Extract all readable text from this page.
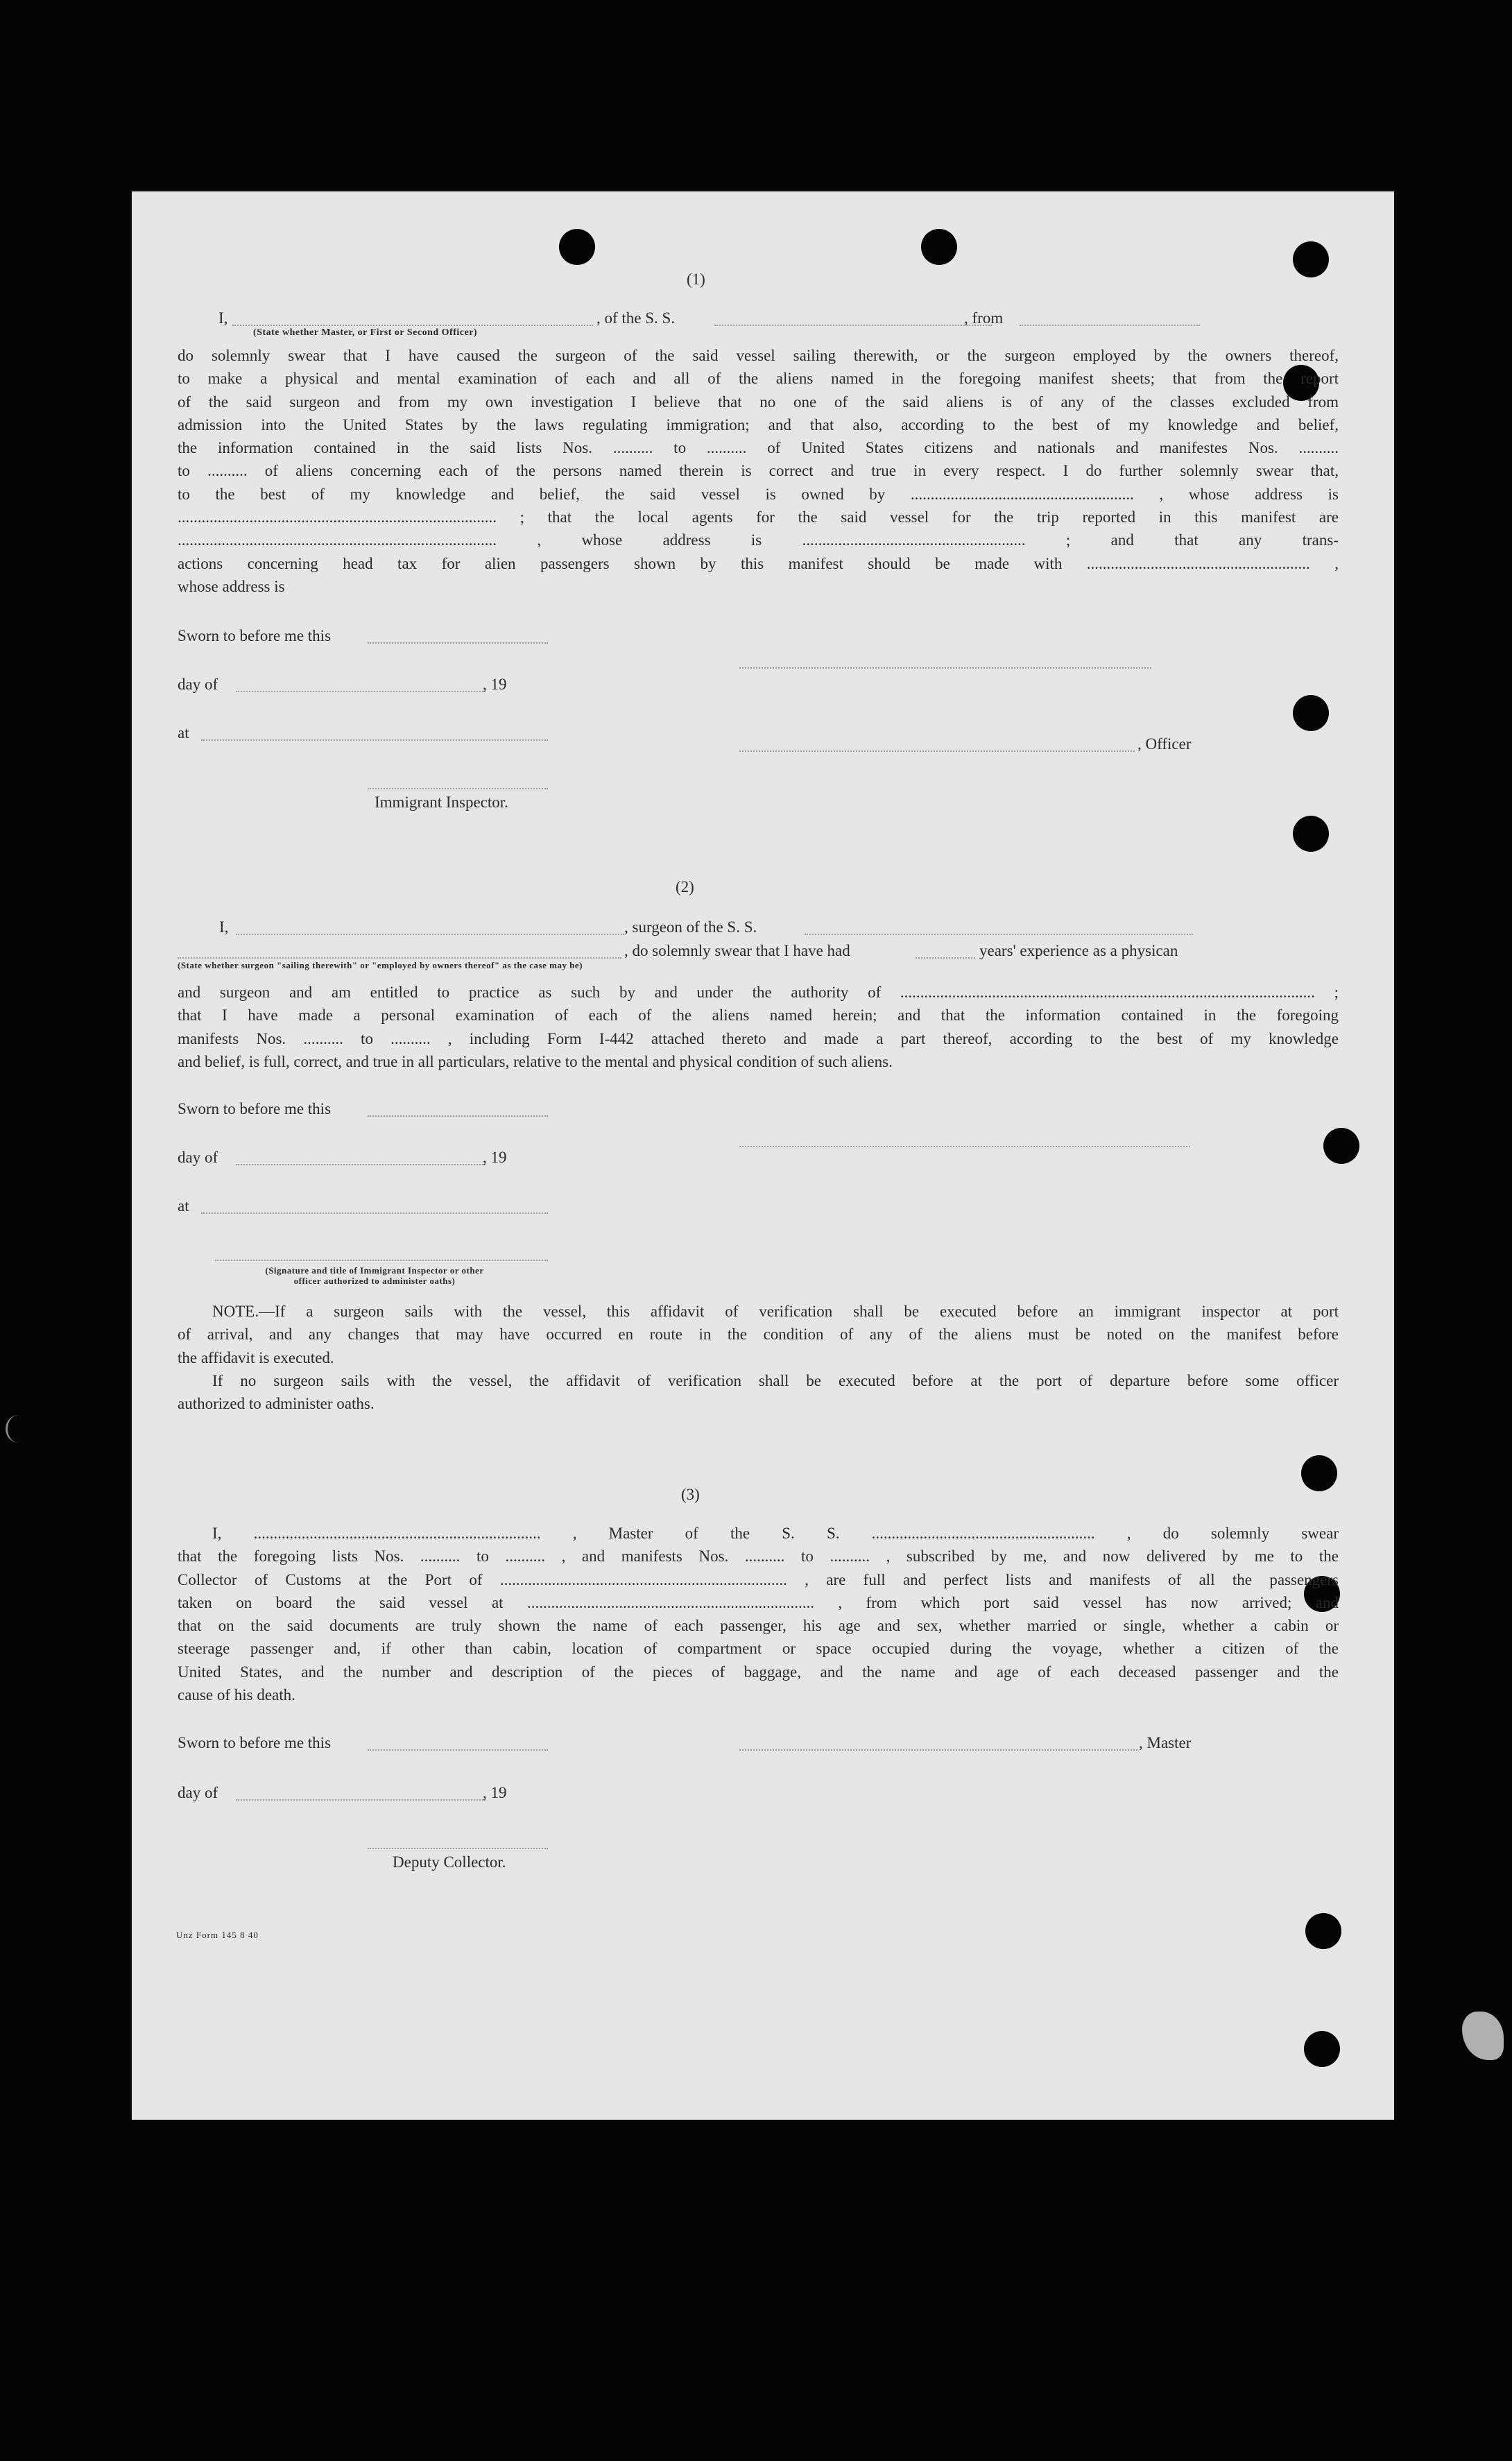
(1)
I,	, of the S. S.	, from
(State whether Master, or First or Second Officer)

do solemnly swear that I have caused the surgeon of the said vessel sailing therewith, or the surgeon employed by the owners thereof,

to make a physical and mental examination of each and all of the aliens named in the foregoing manifest sheets; that from the report

of the said surgeon and from my own investigation I believe that no one of the said aliens is of any of the classes excluded from

admission into the United States by the laws regulating immigration; and that also, according to the best of my knowledge and belief,

the information contained in the said lists Nos. .......... to .......... of United States citizens and nationals and manifestes Nos. ..........

to .......... of aliens concerning each of the persons named therein is correct and true in every respect. I do further solemnly swear that,

to the best of my knowledge and belief, the said vessel is owned by ........................................................ , whose address is

................................................................................ ; that the local agents for the said vessel for the trip reported in this manifest are

................................................................................ , whose address is ........................................................ ; and that any trans-

actions concerning head tax for alien passengers shown by this manifest should be made with ........................................................ ,

whose address is

Sworn to before me this
day of	, 19
at
, Officer
Immigrant Inspector.
(2)
I,	, surgeon of the S. S.
, do solemnly swear that I have had	years' experience as a physican
(State whether surgeon "sailing therewith" or "employed by owners thereof" as the case may be)

and surgeon and am entitled to practice as such by and under the authority of ........................................................................................................ ;

that I have made a personal examination of each of the aliens named herein; and that the information contained in the foregoing

manifests Nos. .......... to .......... , including Form I-442 attached thereto and made a part thereof, according to the best of my knowledge

and belief, is full, correct, and true in all particulars, relative to the mental and physical condition of such aliens.

Sworn to before me this
day of	, 19
at
(Signature and title of Immigrant Inspector or other
officer authorized to administer oaths)

NOTE.—If a surgeon sails with the vessel, this affidavit of verification shall be executed before an immigrant inspector at port

of arrival, and any changes that may have occurred en route in the condition of any of the aliens must be noted on the manifest before

the affidavit is executed.

If no surgeon sails with the vessel, the affidavit of verification shall be executed before at the port of departure before some officer

authorized to administer oaths.

(3)

I, ........................................................................ , Master of the S. S. ........................................................ , do solemnly swear

that the foregoing lists Nos. .......... to .......... , and manifests Nos. .......... to .......... , subscribed by me, and now delivered by me to the

Collector of Customs at the Port of ........................................................................ , are full and perfect lists and manifests of all the passengers

taken on board the said vessel at ........................................................................ , from which port said vessel has now arrived; and

that on the said documents are truly shown the name of each passenger, his age and sex, whether married or single, whether a cabin or

steerage passenger and, if other than cabin, location of compartment or space occupied during the voyage, whether a citizen of the

United States, and the number and description of the pieces of baggage, and the name and age of each deceased passenger and the

cause of his death.

Sworn to before me this	, Master
day of	, 19
Deputy Collector.
Unz Form 145 8 40
